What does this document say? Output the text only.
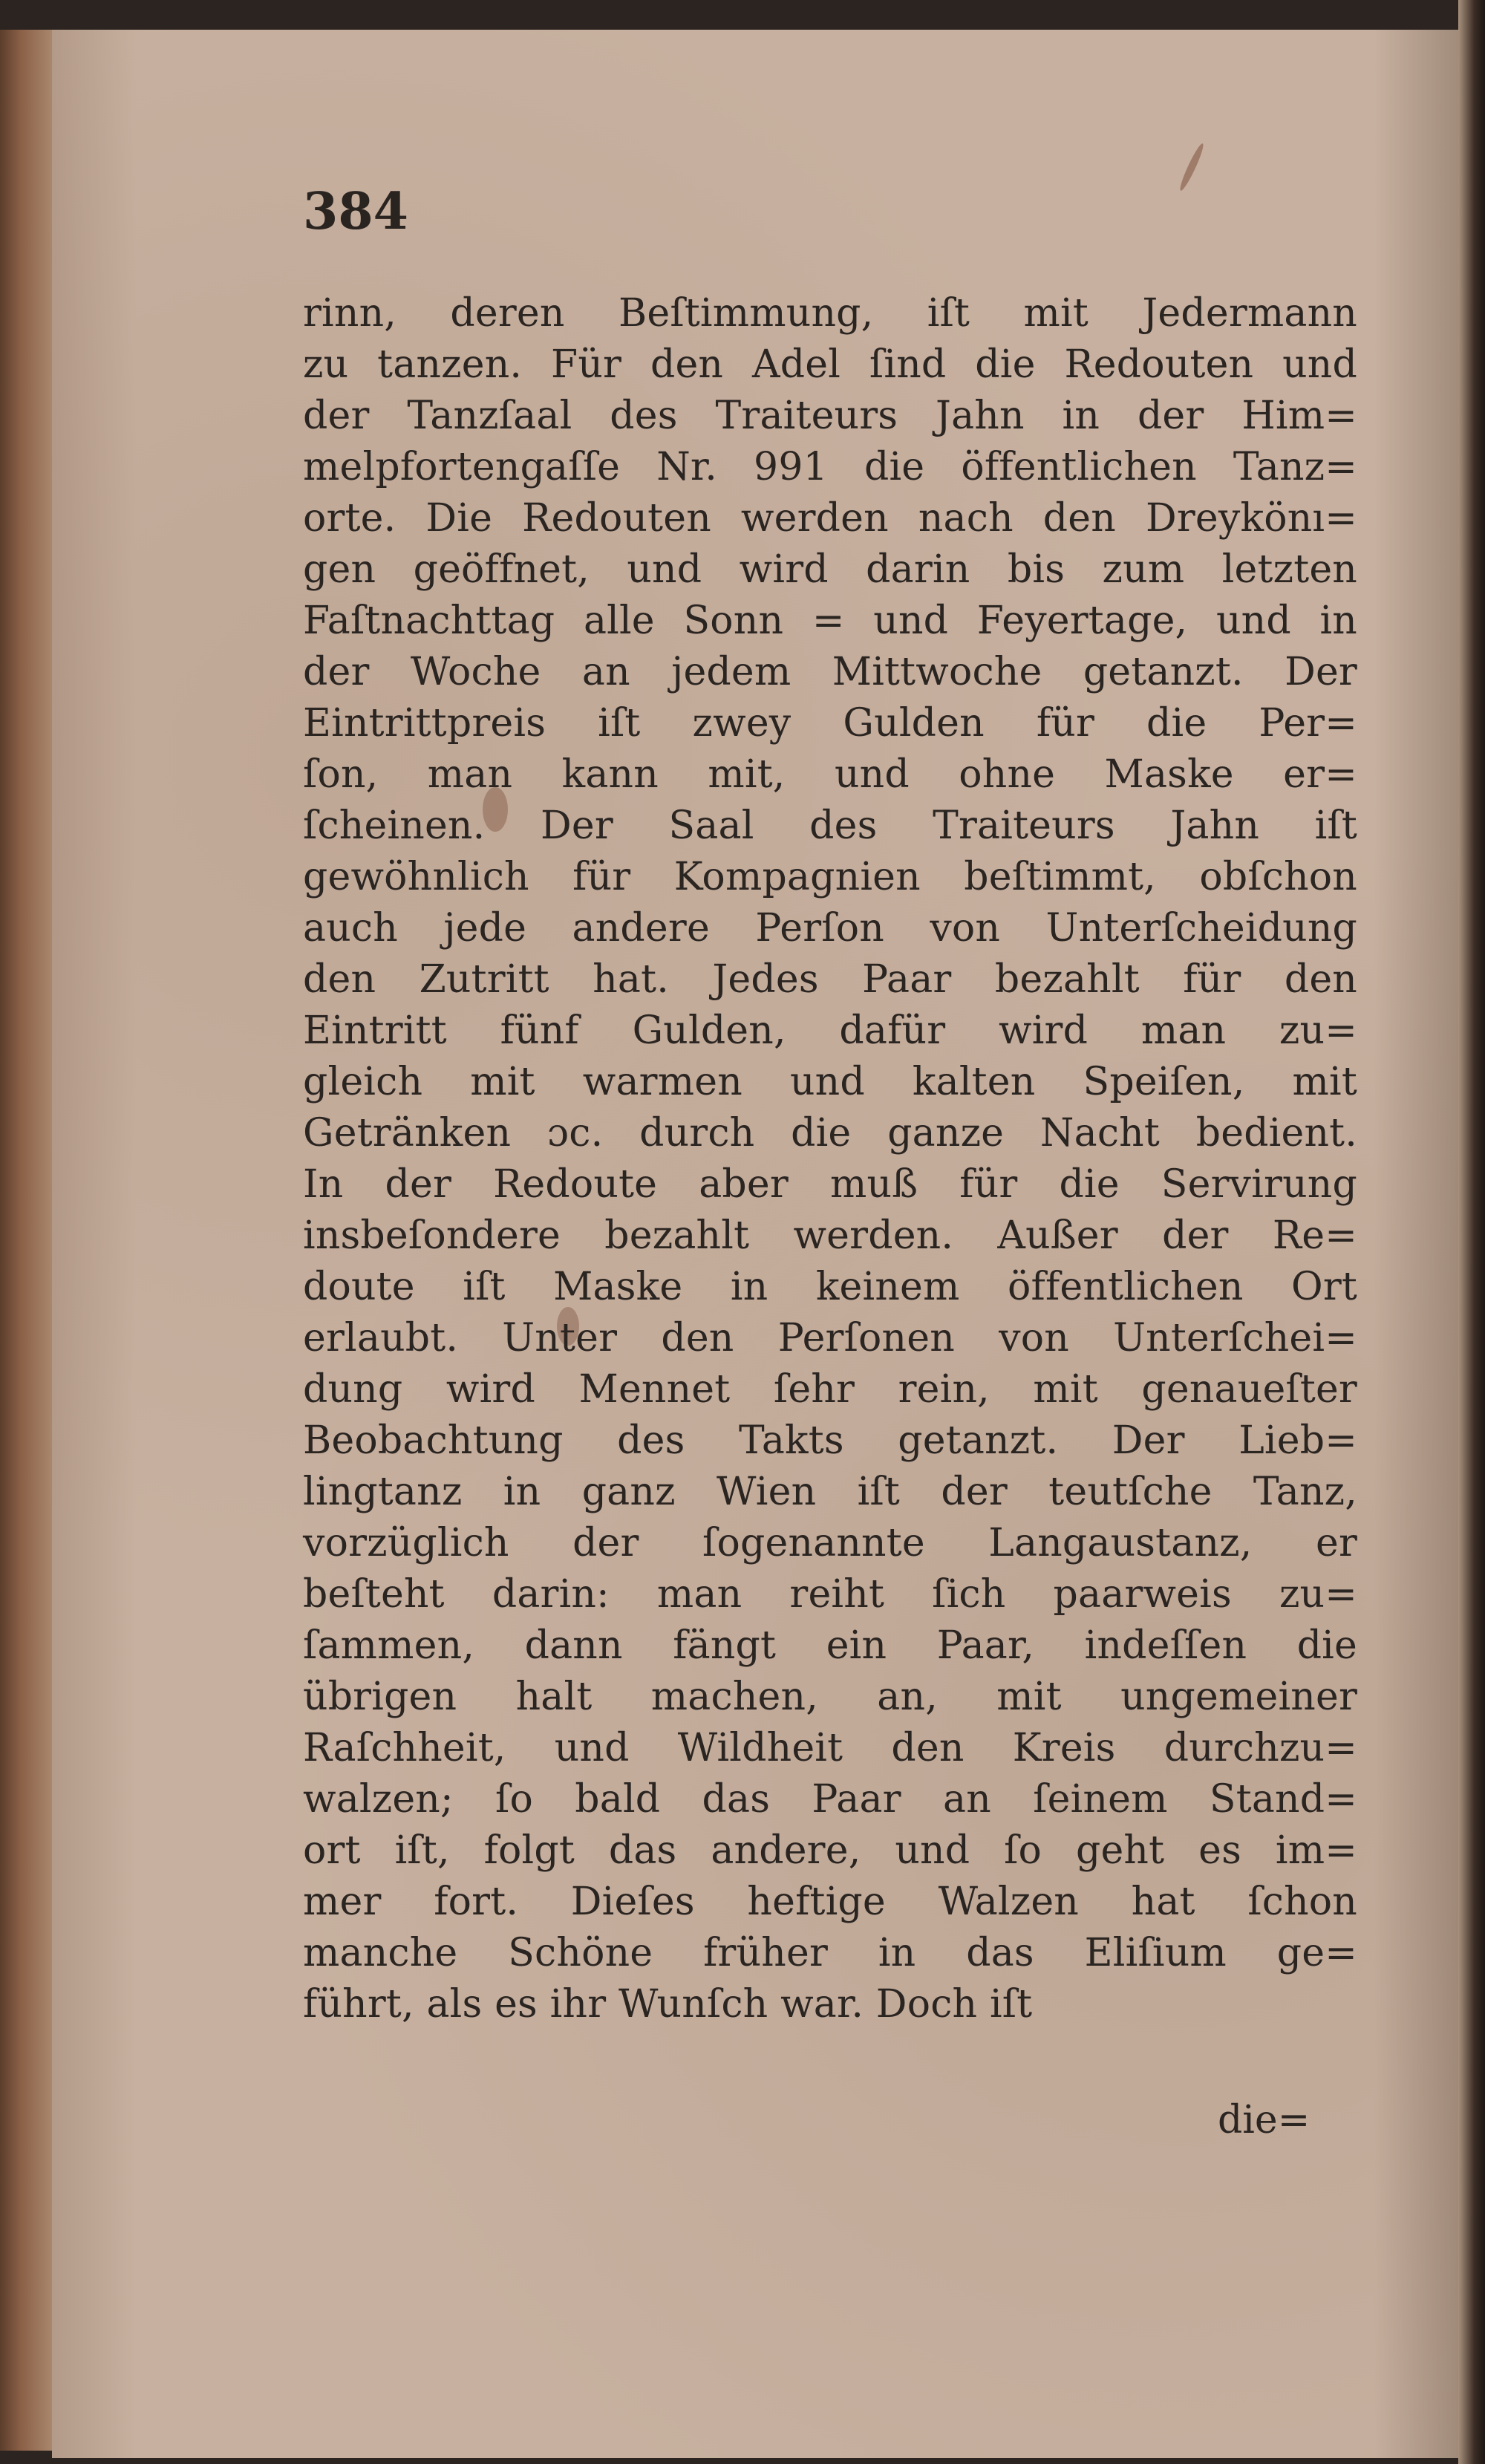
384
rinn, deren Beſtimmung, iſt mit Jedermann
zu tanzen. Für den Adel ſind die Redouten und
der Tanzſaal des Traiteurs Jahn in der Him=
melpfortengaſſe Nr. 991 die öffentlichen Tanz=
orte. Die Redouten werden nach den Dreykönı=
gen geöffnet, und wird darin bis zum letzten
Faſtnachttag alle Sonn = und Feyertage, und in
der Woche an jedem Mittwoche getanzt. Der
Eintrittpreis iſt zwey Gulden für die Per=
ſon, man kann mit, und ohne Maske er=
ſcheinen. Der Saal des Traiteurs Jahn iſt
gewöhnlich für Kompagnien beſtimmt, obſchon
auch jede andere Perſon von Unterſcheidung
den Zutritt hat. Jedes Paar bezahlt für den
Eintritt fünf Gulden, dafür wird man zu=
gleich mit warmen und kalten Speiſen, mit
Getränken ɔc. durch die ganze Nacht bedient.
In der Redoute aber muß für die Servirung
insbeſondere bezahlt werden. Außer der Re=
doute iſt Maske in keinem öffentlichen Ort
erlaubt. Unter den Perſonen von Unterſchei=
dung wird Mennet ſehr rein, mit genaueſter
Beobachtung des Takts getanzt. Der Lieb=
lingtanz in ganz Wien iſt der teutſche Tanz,
vorzüglich der ſogenannte Langaustanz, er
beſteht darin: man reiht ſich paarweis zu=
ſammen, dann fängt ein Paar, indeſſen die
übrigen halt machen, an, mit ungemeiner
Raſchheit, und Wildheit den Kreis durchzu=
walzen; ſo bald das Paar an ſeinem Stand=
ort iſt, folgt das andere, und ſo geht es im=
mer fort. Dieſes heftige Walzen hat ſchon
manche Schöne früher in das Eliſium ge=
führt, als es ihr Wunſch war. Doch iſt
die=
